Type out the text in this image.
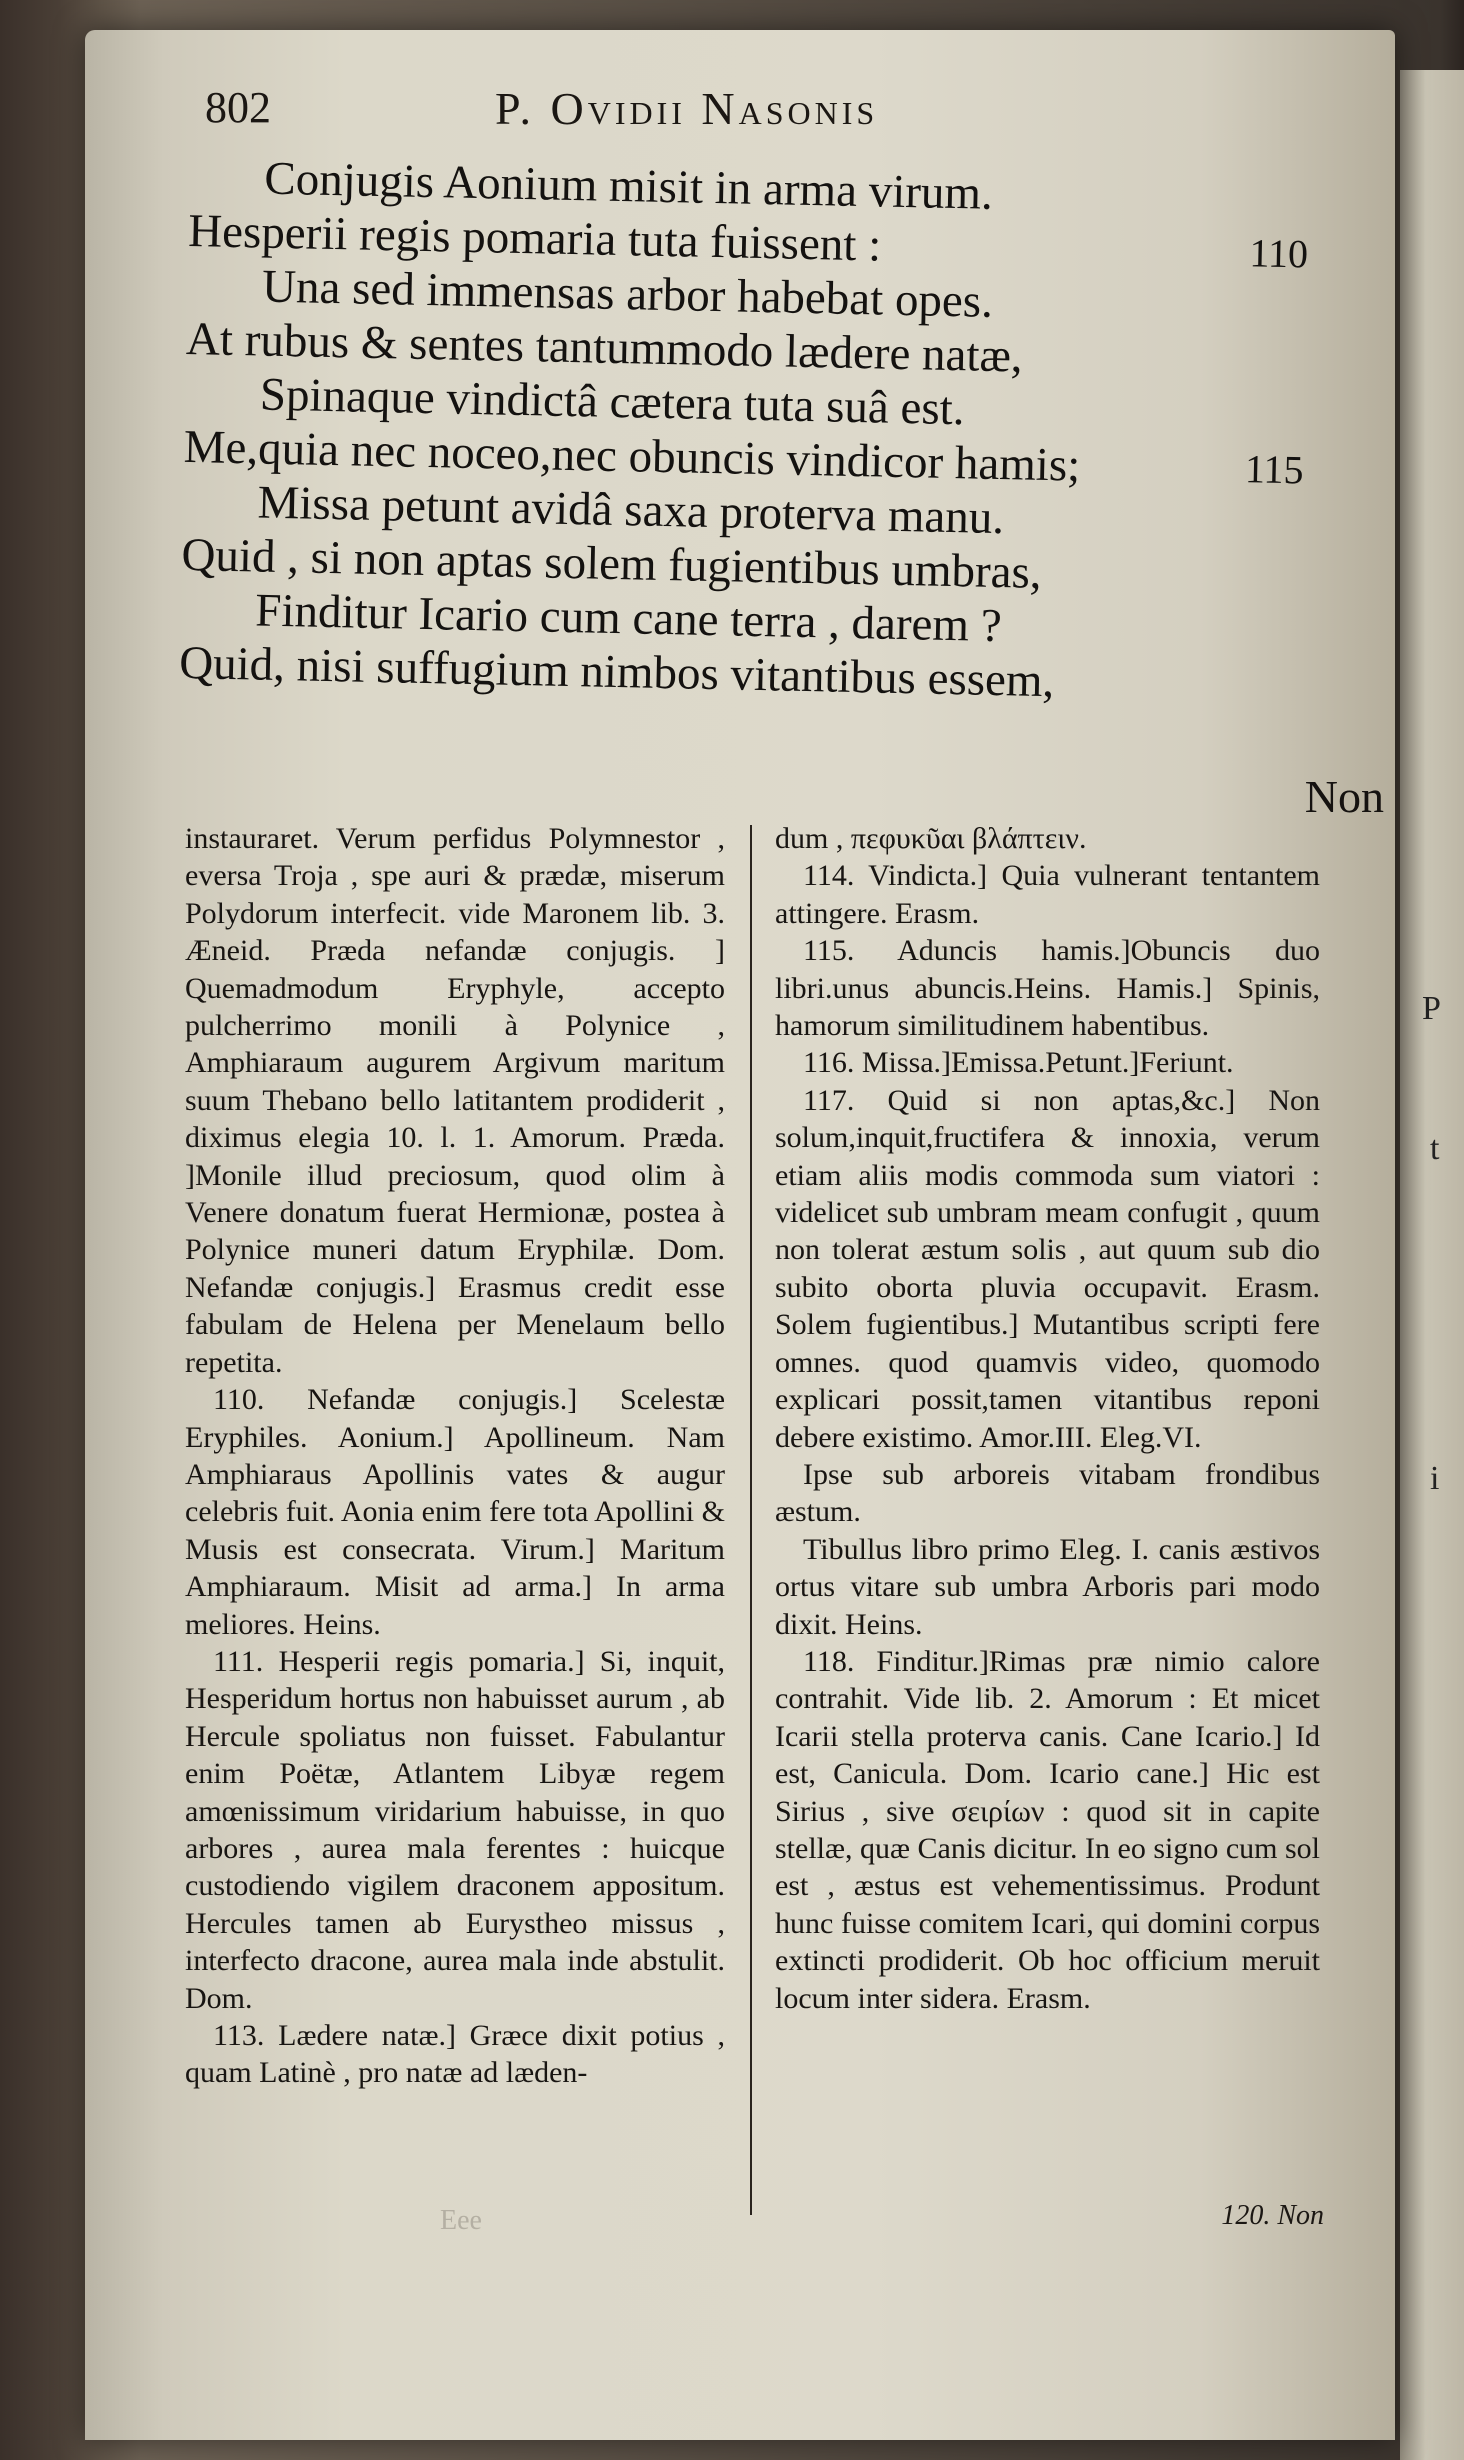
P
t
i
802	P. Ovidii Nasonis
Conjugis Aonium misit in arma virum.
Hesperii regis pomaria tuta fuissent :	110
Una sed immensas arbor habebat opes.
At rubus & sentes tantummodo lædere natæ,
Spinaque vindictâ cætera tuta suâ est.
Me,quia nec noceo,nec obuncis vindicor hamis;	115
Missa petunt avidâ saxa proterva manu.
Quid , si non aptas solem fugientibus umbras,
Finditur Icario cum cane terra , darem ?
Quid, nisi suffugium nimbos vitantibus essem,
Non

instauraret. Verum perfidus Polymnestor , eversa Troja , spe auri & prædæ, miserum Polydorum interfecit. vide Maronem lib. 3. Æneid. Præda nefandæ conjugis. ] Quemadmodum Eryphyle, accepto pulcherrimo monili à Polynice , Amphiaraum augurem Argivum maritum suum Thebano bello latitantem prodiderit , diximus elegia 10. l. 1. Amorum. Præda. ]Monile illud preciosum, quod olim à Venere donatum fuerat Hermionæ, postea à Polynice muneri datum Eryphilæ. Dom. Nefandæ conjugis.] Erasmus credit esse fabulam de Helena per Menelaum bello repetita.

110. Nefandæ conjugis.] Scelestæ Eryphiles. Aonium.] Apollineum. Nam Amphiaraus Apollinis vates & augur celebris fuit. Aonia enim fere tota Apollini & Musis est consecrata. Virum.] Maritum Amphiaraum. Misit ad arma.] In arma meliores. Heins.

111. Hesperii regis pomaria.] Si, inquit, Hesperidum hortus non habuisset aurum , ab Hercule spoliatus non fuisset. Fabulantur enim Poëtæ, Atlantem Libyæ regem amœnissimum viridarium habuisse, in quo arbores , aurea mala ferentes : huicque custodiendo vigilem draconem appositum. Hercules tamen ab Eurystheo missus , interfecto dracone, aurea mala inde abstulit. Dom.

113. Lædere natæ.] Græce dixit potius , quam Latinè , pro natæ ad læden-

dum , πεφυκῦαι βλάπτειν.

114. Vindicta.] Quia vulnerant tentantem attingere. Erasm.

115. Aduncis hamis.]Obuncis duo libri.unus abuncis.Heins. Hamis.] Spinis, hamorum similitudinem habentibus.

116. Missa.]Emissa.Petunt.]Feriunt.

117. Quid si non aptas,&c.] Non solum,inquit,fructifera & innoxia, verum etiam aliis modis commoda sum viatori : videlicet sub umbram meam confugit , quum non tolerat æstum solis , aut quum sub dio subito oborta pluvia occupavit. Erasm. Solem fugientibus.] Mutantibus scripti fere omnes. quod quamvis video, quomodo explicari possit,tamen vitantibus reponi debere existimo. Amor.III. Eleg.VI.

Ipse sub arboreis vitabam frondibus æstum.

Tibullus libro primo Eleg. I. canis æstivos ortus vitare sub umbra Arboris pari modo dixit. Heins.

118. Finditur.]Rimas præ nimio calore contrahit. Vide lib. 2. Amorum : Et micet Icarii stella proterva canis. Cane Icario.] Id est, Canicula. Dom. Icario cane.] Hic est Sirius , sive σειρίων : quod sit in capite stellæ, quæ Canis dicitur. In eo signo cum sol est , æstus est vehementissimus. Produnt hunc fuisse comitem Icari, qui domini corpus extincti prodiderit. Ob hoc officium meruit locum inter sidera. Erasm.

120. Non
Eee
